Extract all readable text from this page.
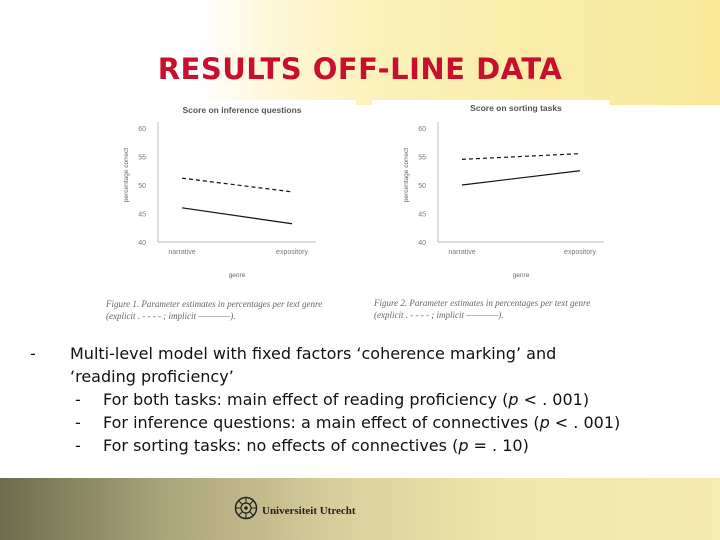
RESULTS OFF-LINE DATA
Score on inference questions
40
45
50
55
60
percentage correct
narrative	expository
genre
Figure 1. Parameter estimates in percentages per text genre
(explicit . - - - - ; implicit ————).
Score on sorting tasks
40
45
50
55
60
percentage correct
narrative	expository
genre
Figure 2. Parameter estimates in percentages per text genre
(explicit . - - - - ; implicit ————).
- Multi-level model with fixed factors ‘coherence marking’ and
‘reading proficiency’
- For both tasks: main effect of reading proficiency (p < . 001)
- For inference questions: a main effect of connectives (p < . 001)
- For sorting tasks: no effects of connectives (p = . 10)
Universiteit Utrecht
